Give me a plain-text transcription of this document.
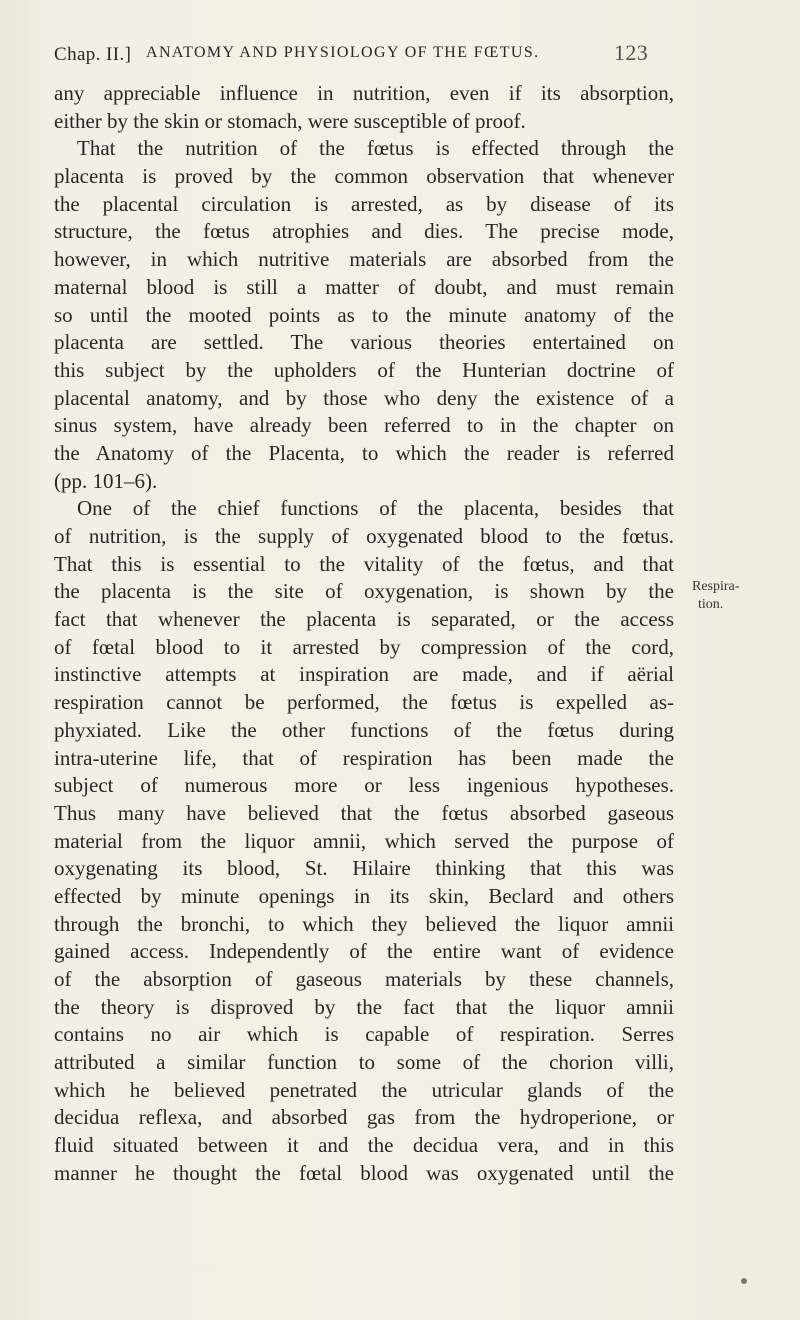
Chap. II.] ANATOMY AND PHYSIOLOGY OF THE FŒTUS.	123
any appreciable influence in nutrition, even if its absorption,
either by the skin or stomach, were susceptible of proof.
That the nutrition of the fœtus is effected through the
placenta is proved by the common observation that whenever
the placental circulation is arrested, as by disease of its
structure, the fœtus atrophies and dies. The precise mode,
however, in which nutritive materials are absorbed from the
maternal blood is still a matter of doubt, and must remain
so until the mooted points as to the minute anatomy of the
placenta are settled. The various theories entertained on
this subject by the upholders of the Hunterian doctrine of
placental anatomy, and by those who deny the existence of a
sinus system, have already been referred to in the chapter on
the Anatomy of the Placenta, to which the reader is referred
(pp. 101–6).
One of the chief functions of the placenta, besides that
of nutrition, is the supply of oxygenated blood to the fœtus.
That this is essential to the vitality of the fœtus, and that
the placenta is the site of oxygenation, is shown by the
fact that whenever the placenta is separated, or the access
of fœtal blood to it arrested by compression of the cord,
instinctive attempts at inspiration are made, and if aërial
respiration cannot be performed, the fœtus is expelled as-
phyxiated. Like the other functions of the fœtus during
intra-uterine life, that of respiration has been made the
subject of numerous more or less ingenious hypotheses.
Thus many have believed that the fœtus absorbed gaseous
material from the liquor amnii, which served the purpose of
oxygenating its blood, St. Hilaire thinking that this was
effected by minute openings in its skin, Beclard and others
through the bronchi, to which they believed the liquor amnii
gained access. Independently of the entire want of evidence
of the absorption of gaseous materials by these channels,
the theory is disproved by the fact that the liquor amnii
contains no air which is capable of respiration. Serres
attributed a similar function to some of the chorion villi,
which he believed penetrated the utricular glands of the
decidua reflexa, and absorbed gas from the hydroperione, or
fluid situated between it and the decidua vera, and in this
manner he thought the fœtal blood was oxygenated until the
Respira-
tion.
